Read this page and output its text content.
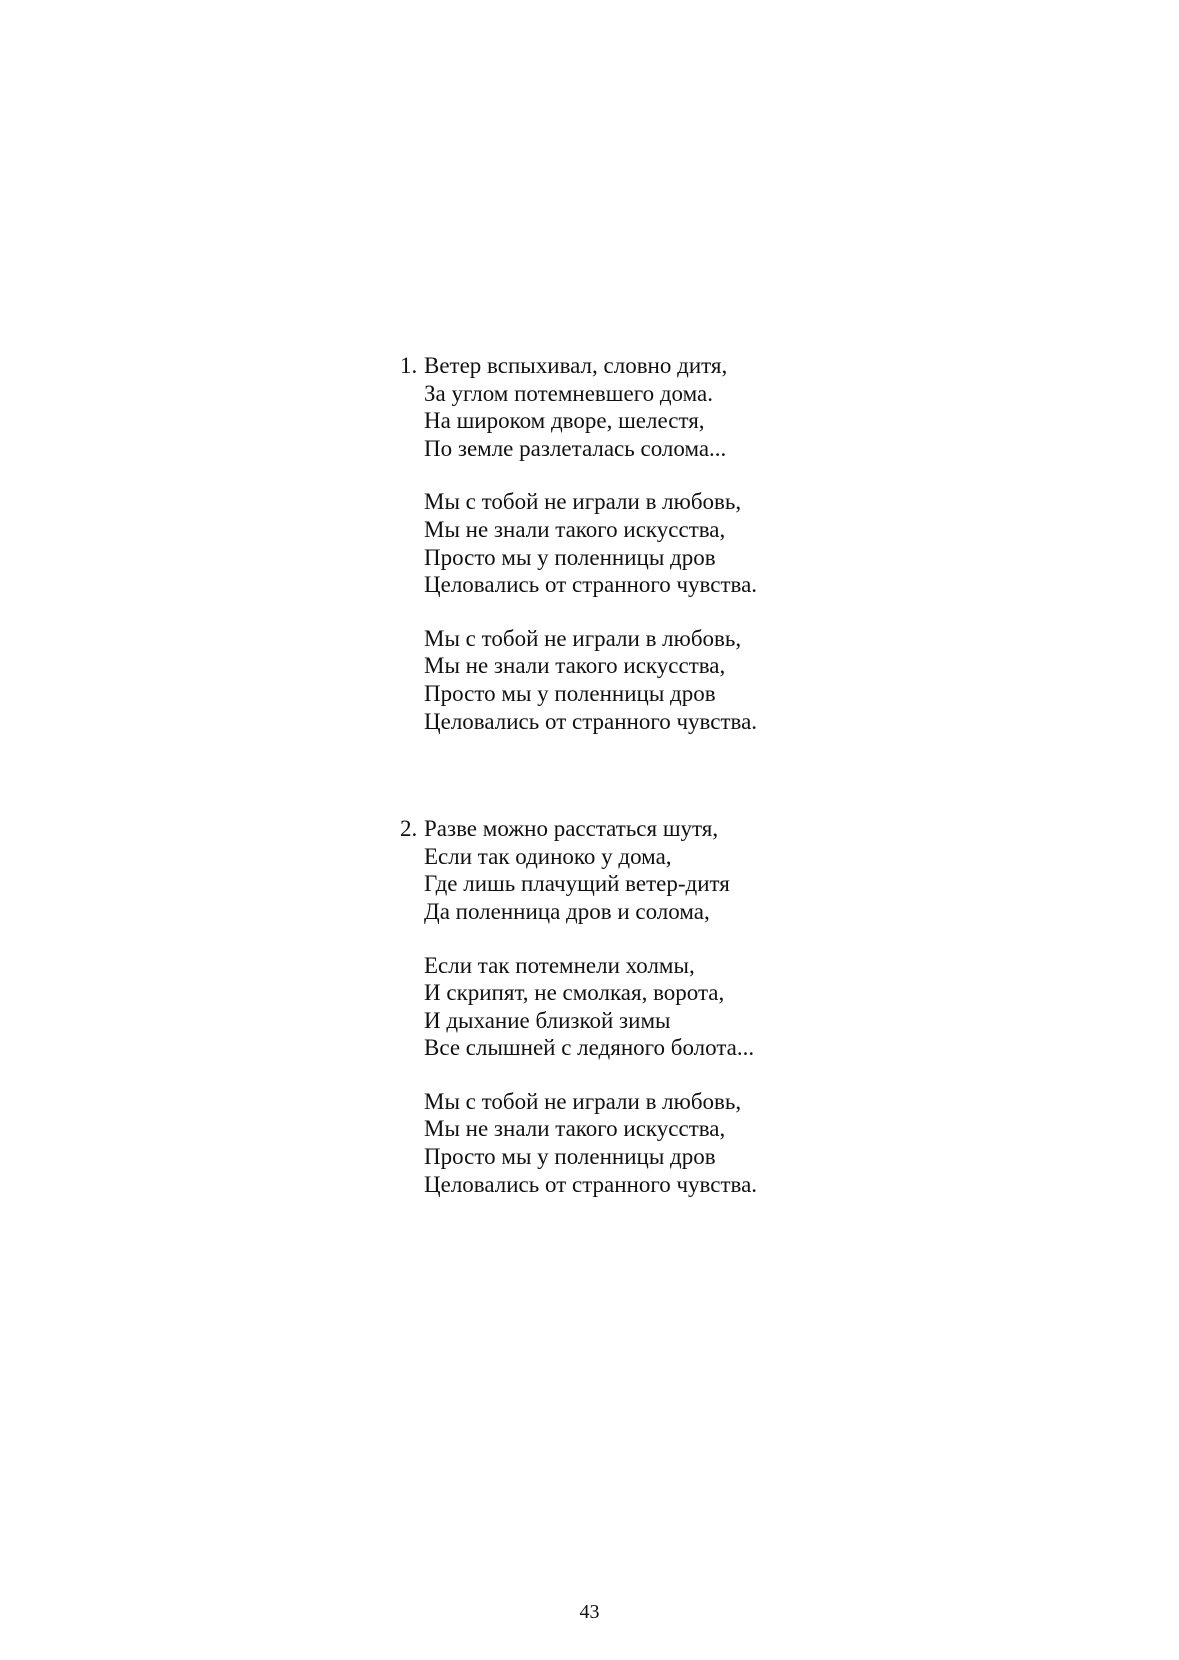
1. Ветер вспыхивал, словно дитя,
За углом потемневшего дома.
На широком дворе, шелестя,
По земле разлеталась солома...
Мы с тобой не играли в любовь,
Мы не знали такого искусства,
Просто мы у поленницы дров
Целовались от странного чувства.
Мы с тобой не играли в любовь,
Мы не знали такого искусства,
Просто мы у поленницы дров
Целовались от странного чувства.
2. Разве можно расстаться шутя,
Если так одиноко у дома,
Где лишь плачущий ветер-дитя
Да поленница дров и солома,
Если так потемнели холмы,
И скрипят, не смолкая, ворота,
И дыхание близкой зимы
Все слышней с ледяного болота...
Мы с тобой не играли в любовь,
Мы не знали такого искусства,
Просто мы у поленницы дров
Целовались от странного чувства.
43
